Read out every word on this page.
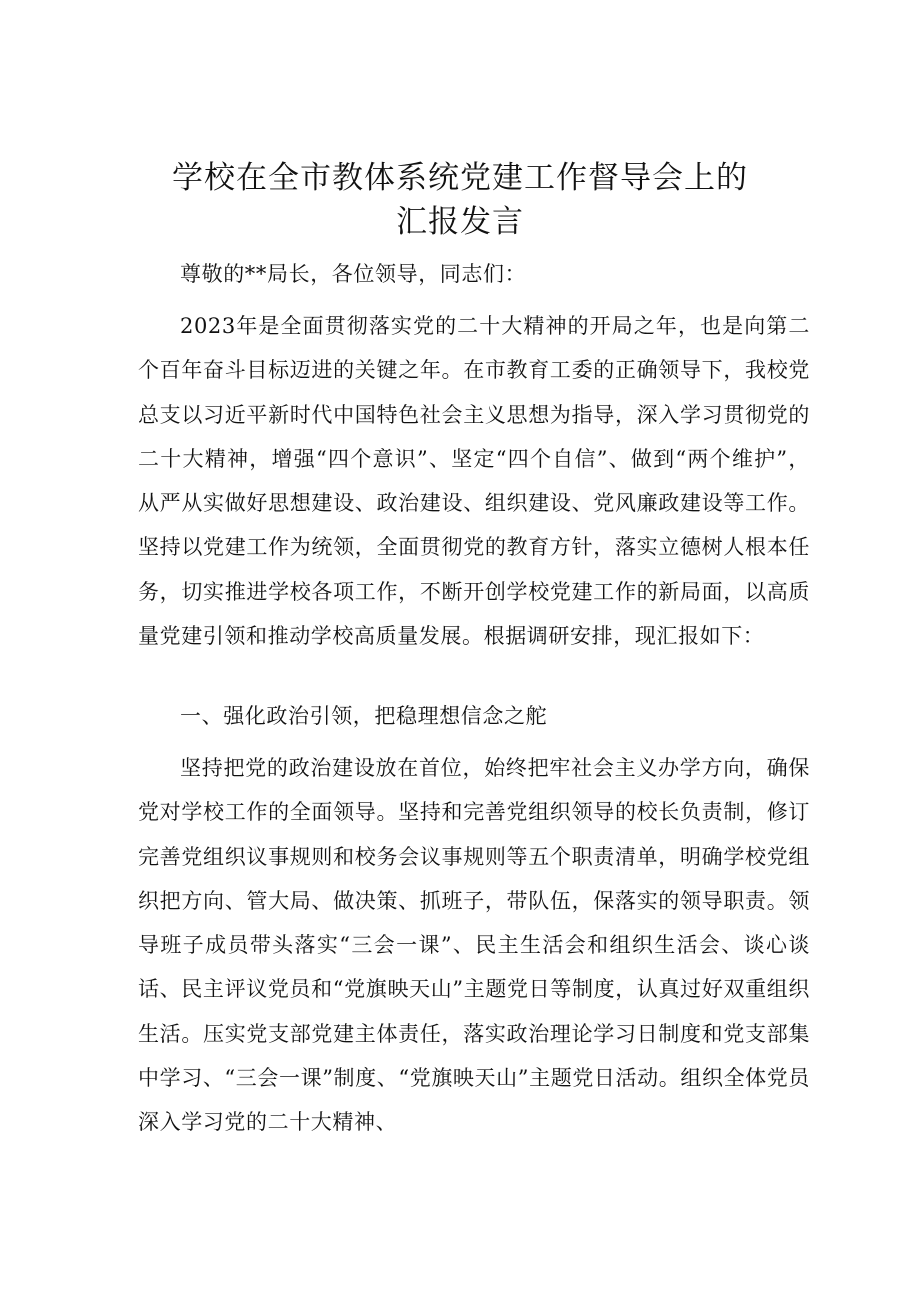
学校在全市教体系统党建工作督导会上的
汇报发言

尊敬的**局长，各位领导，同志们：

2023年是全面贯彻落实党的二十大精神的开局之年，也是向第二个百年奋斗目标迈进的关键之年。在市教育工委的正确领导下，我校党总支以习近平新时代中国特色社会主义思想为指导，深入学习贯彻党的二十大精神，增强“四个意识”、坚定“四个自信”、做到“两个维护”，从严从实做好思想建设、政治建设、组织建设、党风廉政建设等工作。坚持以党建工作为统领，全面贯彻党的教育方针，落实立德树人根本任务，切实推进学校各项工作，不断开创学校党建工作的新局面，以高质量党建引领和推动学校高质量发展。根据调研安排，现汇报如下：

一、强化政治引领，把稳理想信念之舵

坚持把党的政治建设放在首位，始终把牢社会主义办学方向，确保党对学校工作的全面领导。坚持和完善党组织领导的校长负责制，修订完善党组织议事规则和校务会议事规则等五个职责清单，明确学校党组织把方向、管大局、做决策、抓班子，带队伍，保落实的领导职责。领导班子成员带头落实“三会一课”、民主生活会和组织生活会、谈心谈话、民主评议党员和“党旗映天山”主题党日等制度，认真过好双重组织生活。压实党支部党建主体责任，落实政治理论学习日制度和党支部集中学习、“三会一课”制度、“党旗映天山”主题党日活动。组织全体党员深入学习党的二十大精神、
